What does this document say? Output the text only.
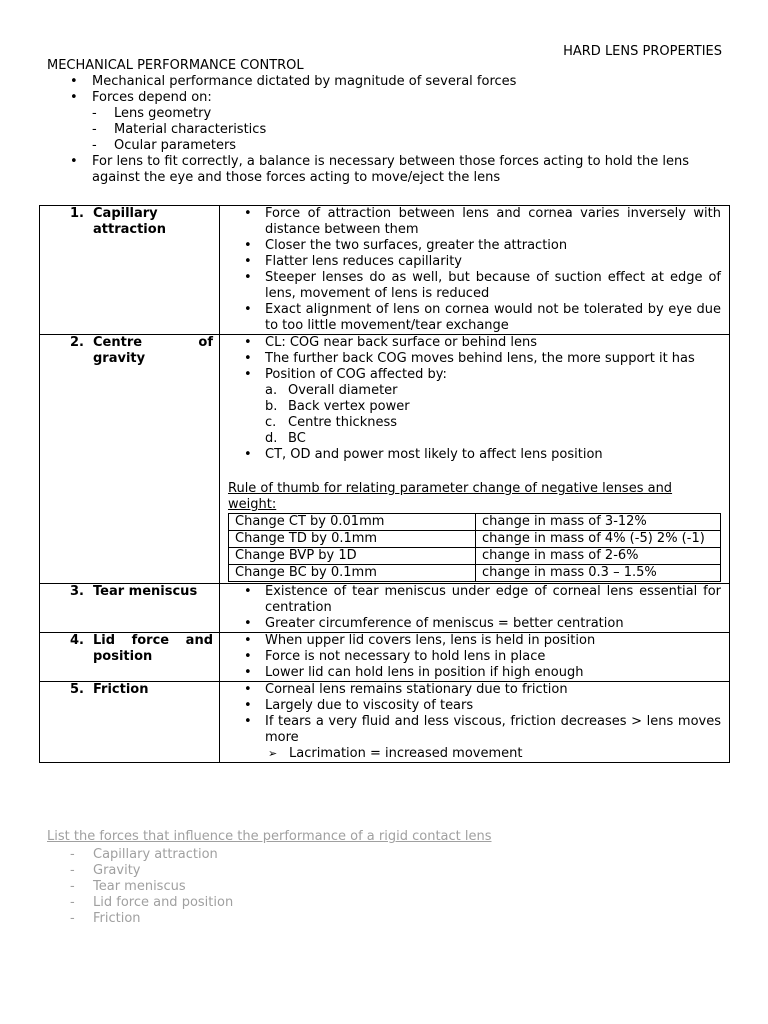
HARD LENS PROPERTIES
MECHANICAL PERFORMANCE CONTROL
• Mechanical performance dictated by magnitude of several forces
• Forces depend on:
- Lens geometry
- Material characteristics
- Ocular parameters
• For lens to fit correctly, a balance is necessary between those forces acting to hold the lens against the eye and those forces acting to move/eject the lens
1. Capillary attraction

• Force of attraction between lens and cornea varies inversely with distance between them
• Closer the two surfaces, greater the attraction
• Flatter lens reduces capillarity
• Steeper lenses do as well, but because of suction effect at edge of lens, movement of lens is reduced
• Exact alignment of lens on cornea would not be tolerated by eye due to too little movement/tear exchange

2. Centre of gravity

• CL: COG near back surface or behind lens
• The further back COG moves behind lens, the more support it has
• Position of COG affected by:
a. Overall diameter
b. Back vertex power
c. Centre thickness
d. BC
• CT, OD and power most likely to affect lens position
Rule of thumb for relating parameter change of negative lenses and weight:
Change CT by 0.01mm	change in mass of 3-12%
Change TD by 0.1mm	change in mass of 4% (-5) 2% (-1)
Change BVP by 1D	change in mass of 2-6%
Change BC by 0.1mm	change in mass 0.3 – 1.5%

3. Tear meniscus

•Existence of tear meniscus under edge of corneal lens essential for centration
• Greater circumference of meniscus = better centration

4. Lid force and position

• When upper lid covers lens, lens is held in position
• Force is not necessary to hold lens in place
• Lower lid can hold lens in position if high enough

5. Friction

•Corneal lens remains stationary due to friction
• Largely due to viscosity of tears
• If tears a very fluid and less viscous, friction decreases > lens moves more
➢ Lacrimation = increased movement
List the forces that influence the performance of a rigid contact lens
- Capillary attraction
- Gravity
- Tear meniscus
- Lid force and position
- Friction
